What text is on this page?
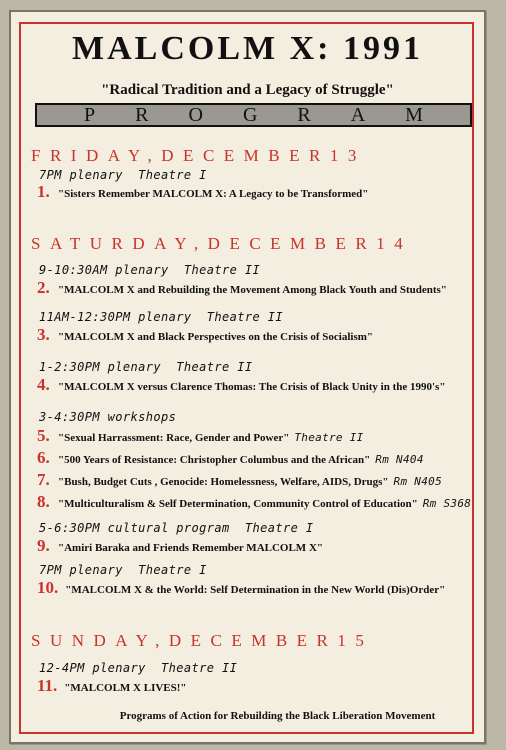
MALCOLM X: 1991
"Radical Tradition and a Legacy of Struggle"
PROGRAM
FRIDAY,DECEMBER13
7PM plenary  Theatre I
1. "Sisters Remember MALCOLM X: A Legacy to be Transformed"
SATURDAY,DECEMBER14
9-10:30AM plenary  Theatre II
2. "MALCOLM X and Rebuilding the Movement Among Black Youth and Students"
11AM-12:30PM plenary  Theatre II
3. "MALCOLM X and Black Perspectives on the Crisis of Socialism"
1-2:30PM plenary  Theatre II
4. "MALCOLM X versus Clarence Thomas: The Crisis of Black Unity in the 1990's"
3-4:30PM workshops
5. "Sexual Harrassment: Race, Gender and Power" Theatre II
6. "500 Years of Resistance: Christopher Columbus and the African" Rm N404
7. "Bush, Budget Cuts , Genocide: Homelessness, Welfare, AIDS, Drugs" Rm N405
8. "Multiculturalism & Self Determination, Community Control of Education" Rm S368
5-6:30PM cultural program  Theatre I
9. "Amiri Baraka and Friends Remember MALCOLM X"
7PM plenary  Theatre I
10. "MALCOLM X & the World: Self Determination in the New World (Dis)Order"
SUNDAY,DECEMBER15
12-4PM plenary  Theatre II
11. "MALCOLM X LIVES!"
Programs of Action for Rebuilding the Black Liberation Movement
